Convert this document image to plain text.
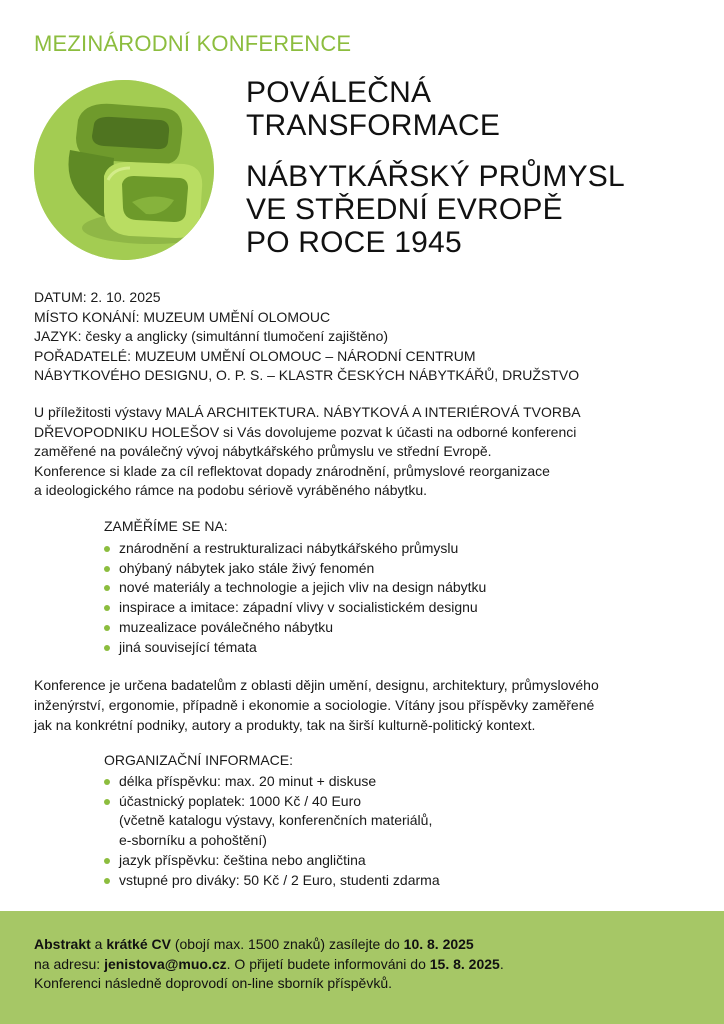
MEZINÁRODNÍ KONFERENCE
POVÁLEČNÁ
TRANSFORMACE
NÁBYTKÁŘSKÝ PRŮMYSL
VE STŘEDNÍ EVROPĚ
PO ROCE 1945
DATUM: 2. 10. 2025
MÍSTO KONÁNÍ: MUZEUM UMĚNÍ OLOMOUC
JAZYK: česky a anglicky (simultánní tlumočení zajištěno)
POŘADATELÉ: MUZEUM UMĚNÍ OLOMOUC – NÁRODNÍ CENTRUM
NÁBYTKOVÉHO DESIGNU, O. P. S. – KLASTR ČESKÝCH NÁBYTKÁŘŮ, DRUŽSTVO
U příležitosti výstavy MALÁ ARCHITEKTURA. NÁBYTKOVÁ A INTERIÉROVÁ TVORBA
DŘEVOPODNIKU HOLEŠOV si Vás dovolujeme pozvat k účasti na odborné konferenci
zaměřené na poválečný vývoj nábytkářského průmyslu ve střední Evropě.
Konference si klade za cíl reflektovat dopady znárodnění, průmyslové reorganizace
a ideologického rámce na podobu sériově vyráběného nábytku.
ZAMĚŘÍME SE NA:
znárodnění a restrukturalizaci nábytkářského průmyslu
ohýbaný nábytek jako stále živý fenomén
nové materiály a technologie a jejich vliv na design nábytku
inspirace a imitace: západní vlivy v socialistickém designu
muzealizace poválečného nábytku
jiná související témata
Konference je určena badatelům z oblasti dějin umění, designu, architektury, průmyslového
inženýrství, ergonomie, případně i ekonomie a sociologie. Vítány jsou příspěvky zaměřené
jak na konkrétní podniky, autory a produkty, tak na širší kulturně-politický kontext.
ORGANIZAČNÍ INFORMACE:
délka příspěvku: max. 20 minut + diskuse
účastnický poplatek: 1000 Kč / 40 Euro
(včetně katalogu výstavy, konferenčních materiálů,
e-sborníku a pohoštění)
jazyk příspěvku: čeština nebo angličtina
vstupné pro diváky: 50 Kč / 2 Euro, studenti zdarma
Abstrakt a krátké CV (obojí max. 1500 znaků) zasílejte do 10. 8. 2025
na adresu: jenistova@muo.cz. O přijetí budete informováni do 15. 8. 2025.
Konferenci následně doprovodí on-line sborník příspěvků.
